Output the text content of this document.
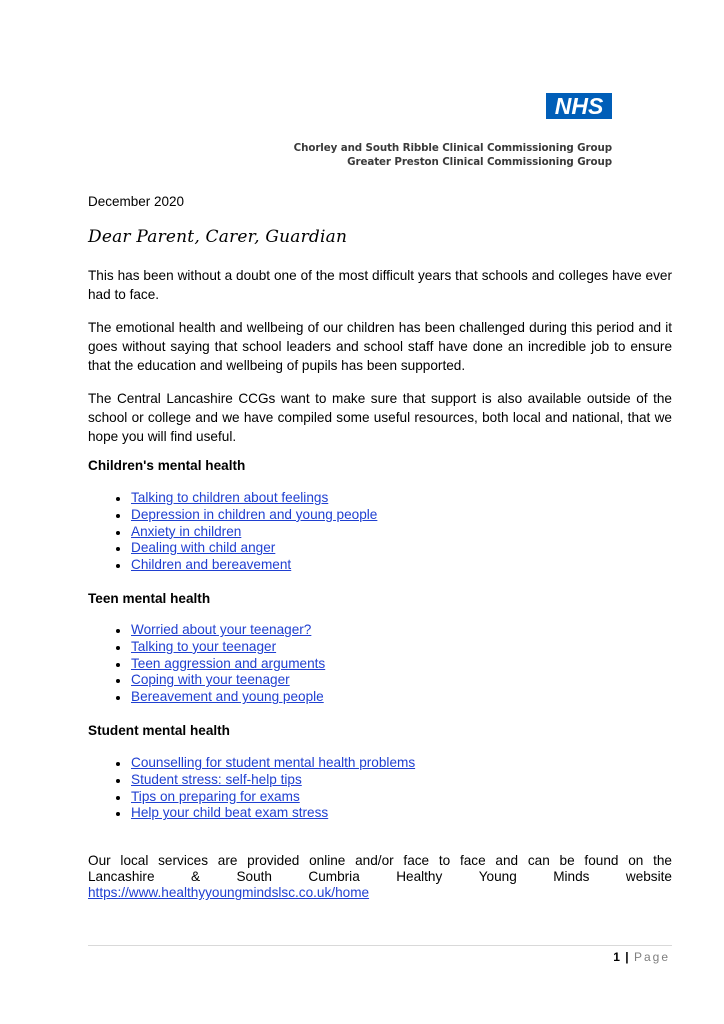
NHS
Chorley and South Ribble Clinical Commissioning Group
Greater Preston Clinical Commissioning Group
December 2020
Dear Parent, Carer, Guardian
This has been without a doubt one of the most difficult years that schools and colleges have ever had to face.
The emotional health and wellbeing of our children has been challenged during this period and it goes without saying that school leaders and school staff have done an incredible job to ensure that the education and wellbeing of pupils has been supported.
The Central Lancashire CCGs want to make sure that support is also available outside of the school or college and we have compiled some useful resources, both local and national, that we hope you will find useful.
Children's mental health
Talking to children about feelings
Depression in children and young people
Anxiety in children
Dealing with child anger
Children and bereavement
Teen mental health
Worried about your teenager?
Talking to your teenager
Teen aggression and arguments
Coping with your teenager
Bereavement and young people
Student mental health
Counselling for student mental health problems
Student stress: self-help tips
Tips on preparing for exams
Help your child beat exam stress
Our local services are provided online and/or face to face and can be found on the
Lancashire	&	South	Cumbria	Healthy	Young	Minds	website
https://www.healthyyoungmindslsc.co.uk/home
1 | Page
